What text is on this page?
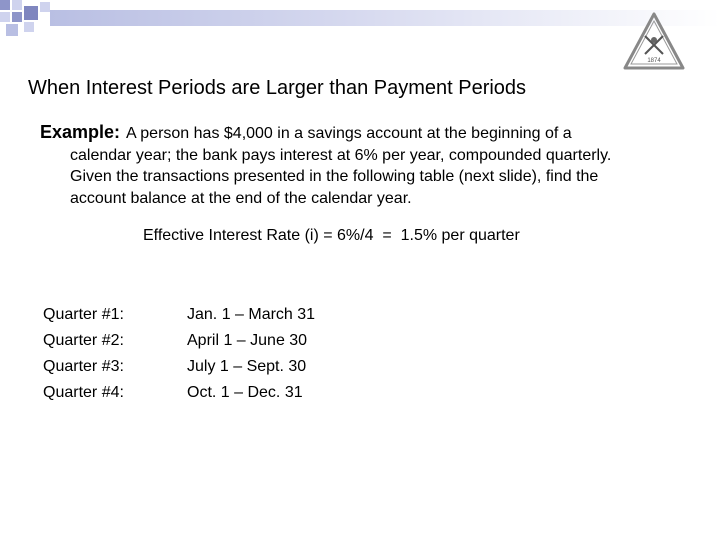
1874
When Interest Periods are Larger than Payment Periods
Example: A person has $4,000 in a savings account at the beginning of a
calendar year; the bank pays interest at 6% per year, compounded quarterly.
Given the transactions presented in the following table (next slide), find the
account balance at the end of the calendar year.
Effective Interest Rate (i) = 6%/4  =  1.5% per quarter
Quarter #1:	Jan. 1 – March 31
Quarter #2:	April 1 – June 30
Quarter #3:	July 1 – Sept. 30
Quarter #4:	Oct. 1 – Dec. 31
